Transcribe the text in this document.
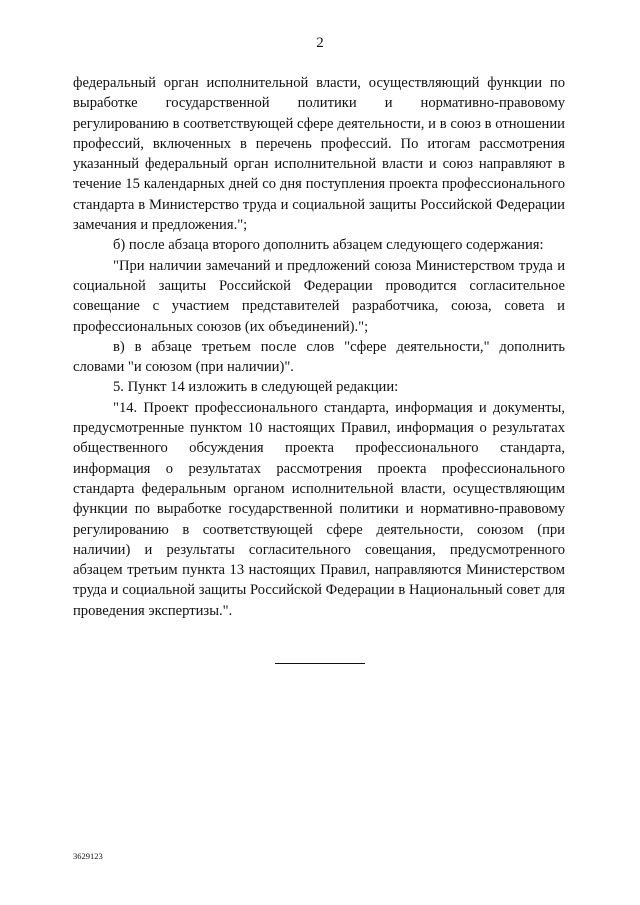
2

федеральный орган исполнительной власти, осуществляющий функции по выработке государственной политики и нормативно-правовому регулированию в соответствующей сфере деятельности, и в союз в отношении профессий, включенных в перечень профессий. По итогам рассмотрения указанный федеральный орган исполнительной власти и союз направляют в течение 15 календарных дней со дня поступления проекта профессионального стандарта в Министерство труда и социальной защиты Российской Федерации замечания и предложения.";

б) после абзаца второго дополнить абзацем следующего содержания:

"При наличии замечаний и предложений союза Министерством труда и социальной защиты Российской Федерации проводится согласительное совещание с участием представителей разработчика, союза, совета и профессиональных союзов (их объединений).";

в) в абзаце третьем после слов "сфере деятельности," дополнить словами "и союзом (при наличии)".

5. Пункт 14 изложить в следующей редакции:

"14. Проект профессионального стандарта, информация и документы, предусмотренные пунктом 10 настоящих Правил, информация о результатах общественного обсуждения проекта профессионального стандарта, информация о результатах рассмотрения проекта профессионального стандарта федеральным органом исполнительной власти, осуществляющим функции по выработке государственной политики и нормативно-правовому регулированию в соответствующей сфере деятельности, союзом (при наличии) и результаты согласительного совещания, предусмотренного абзацем третьим пункта 13 настоящих Правил, направляются Министерством труда и социальной защиты Российской Федерации в Национальный совет для проведения экспертизы.".

3629123
